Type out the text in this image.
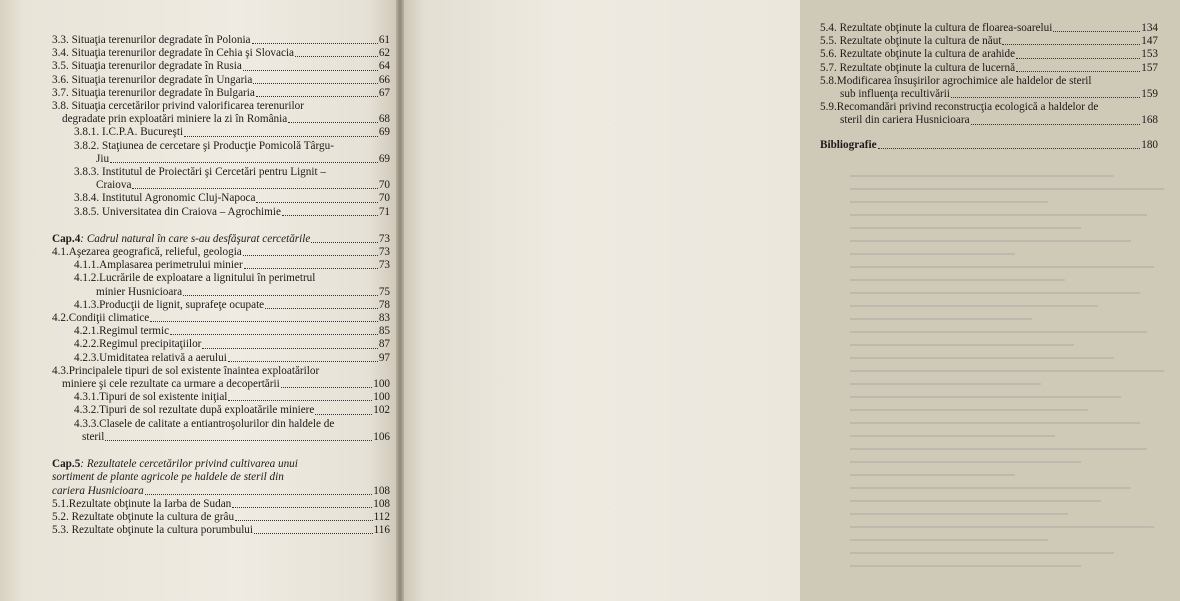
3.3. Situaţia terenurilor degradate în Polonia	61
3.4. Situaţia terenurilor degradate în Cehia şi Slovacia	62
3.5. Situaţia terenurilor degradate în Rusia	64
3.6. Situaţia terenurilor degradate în Ungaria	66
3.7. Situaţia terenurilor degradate în Bulgaria	67
3.8. Situaţia cercetărilor privind valorificarea terenurilor
degradate prin exploatări miniere la zi în România	68
3.8.1. I.C.P.A. Bucureşti	69
3.8.2. Staţiunea de cercetare şi Producţie Pomicolă Târgu-
Jiu	69
3.8.3. Institutul de Proiectări şi Cercetări pentru Lignit –
Craiova	70
3.8.4. Institutul Agronomic Cluj-Napoca	70
3.8.5. Universitatea din Craiova – Agrochimie	71
Cap.4: Cadrul natural în care s-au desfăşurat cercetările	73
4.1.Aşezarea geografică, relieful, geologia	73
4.1.1.Amplasarea perimetrului minier	73
4.1.2.Lucrările de exploatare a lignitului în perimetrul
minier Husnicioara	75
4.1.3.Producţii de lignit, suprafeţe ocupate	78
4.2.Condiţii climatice	83
4.2.1.Regimul termic	85
4.2.2.Regimul precipitaţiilor	87
4.2.3.Umiditatea relativă a aerului	97
4.3.Principalele tipuri de sol existente înaintea exploatărilor
miniere şi cele rezultate ca urmare a decopertării	100
4.3.1.Tipuri de sol existente iniţial	100
4.3.2.Tipuri de sol rezultate după exploatările miniere	102
4.3.3.Clasele de calitate a entiantroşolurilor din haldele de
steril	106
Cap.5: Rezultatele cercetărilor privind cultivarea unui
sortiment de plante agricole pe haldele de steril din
cariera Husnicioara	108
5.1.Rezultate obţinute la Iarba de Sudan	108
5.2. Rezultate obţinute la cultura de grâu	112
5.3. Rezultate obţinute la cultura porumbului	116
5.4. Rezultate obţinute la cultura de floarea-soarelui	134
5.5. Rezultate obţinute la cultura de năut	147
5.6. Rezultate obţinute la cultura de arahide	153
5.7. Rezultate obţinute la cultura de lucernă	157
5.8.Modificarea însuşirilor agrochimice ale haldelor de steril
sub influenţa recultivării	159
5.9.Recomandări privind reconstrucţia ecologică a haldelor de
steril din cariera Husnicioara	168
Bibliografie	180
